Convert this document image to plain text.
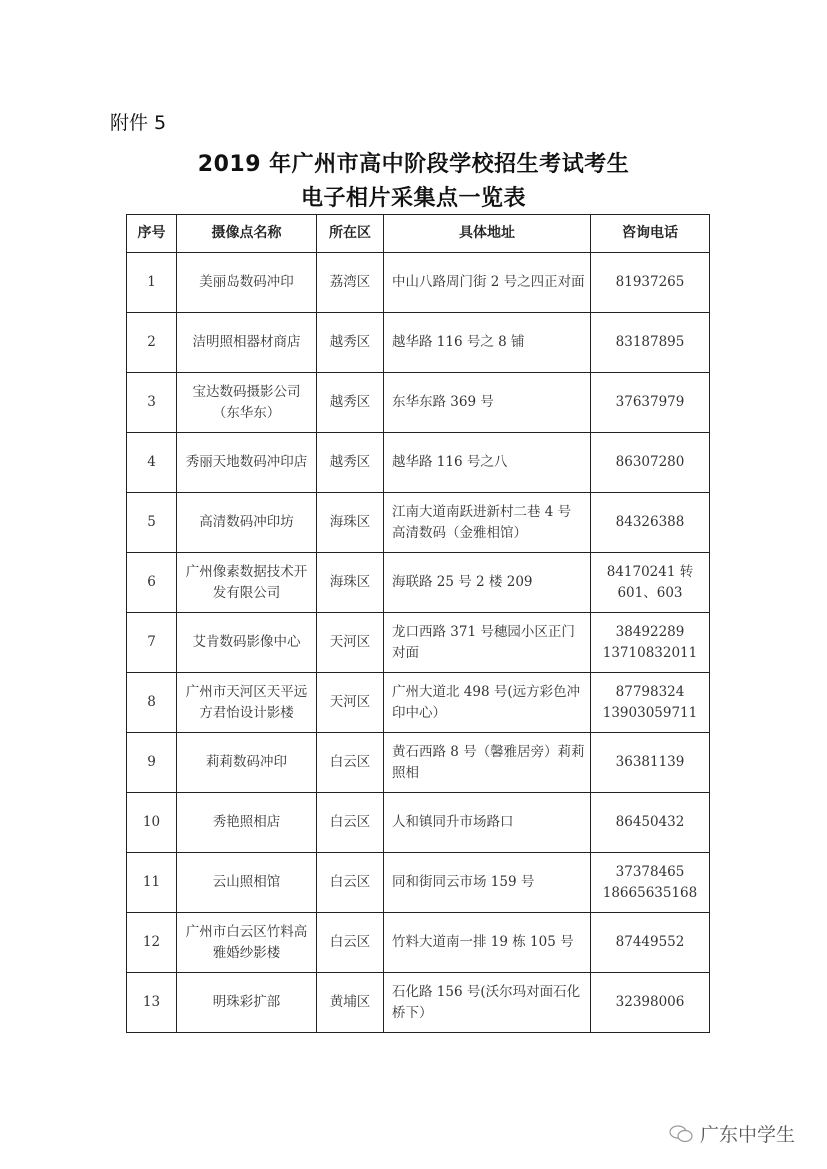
附件 5
2019 年广州市高中阶段学校招生考试考生
电子相片采集点一览表
序号	摄像点名称	所在区	具体地址	咨询电话
1	美丽岛数码冲印	荔湾区	中山八路周门街 2 号之四正对面	81937265
2	洁明照相器材商店	越秀区	越华路 116 号之 8 铺	83187895
3	宝达数码摄影公司（东华东）	越秀区	东华东路 369 号	37637979
4	秀丽天地数码冲印店	越秀区	越华路 116 号之八	86307280
5	高清数码冲印坊	海珠区	江南大道南跃进新村二巷 4 号 高清数码（金雅相馆）	84326388
6	广州像素数据技术开发有限公司	海珠区	海联路 25 号 2 楼 209	84170241 转 601、603
7	艾肯数码影像中心	天河区	龙口西路 371 号穗园小区正门对面	38492289 13710832011
8	广州市天河区天平远方君怡设计影楼	天河区	广州大道北 498 号(远方彩色冲印中心）	87798324 13903059711
9	莉莉数码冲印	白云区	黄石西路 8 号（馨雅居旁）莉莉照相	36381139
10	秀艳照相店	白云区	人和镇同升市场路口	86450432
11	云山照相馆	白云区	同和街同云市场 159 号	37378465 18665635168
12	广州市白云区竹料高雅婚纱影楼	白云区	竹料大道南一排 19 栋 105 号	87449552
13	明珠彩扩部	黄埔区	石化路 156 号(沃尔玛对面石化桥下）	32398006
广东中学生
